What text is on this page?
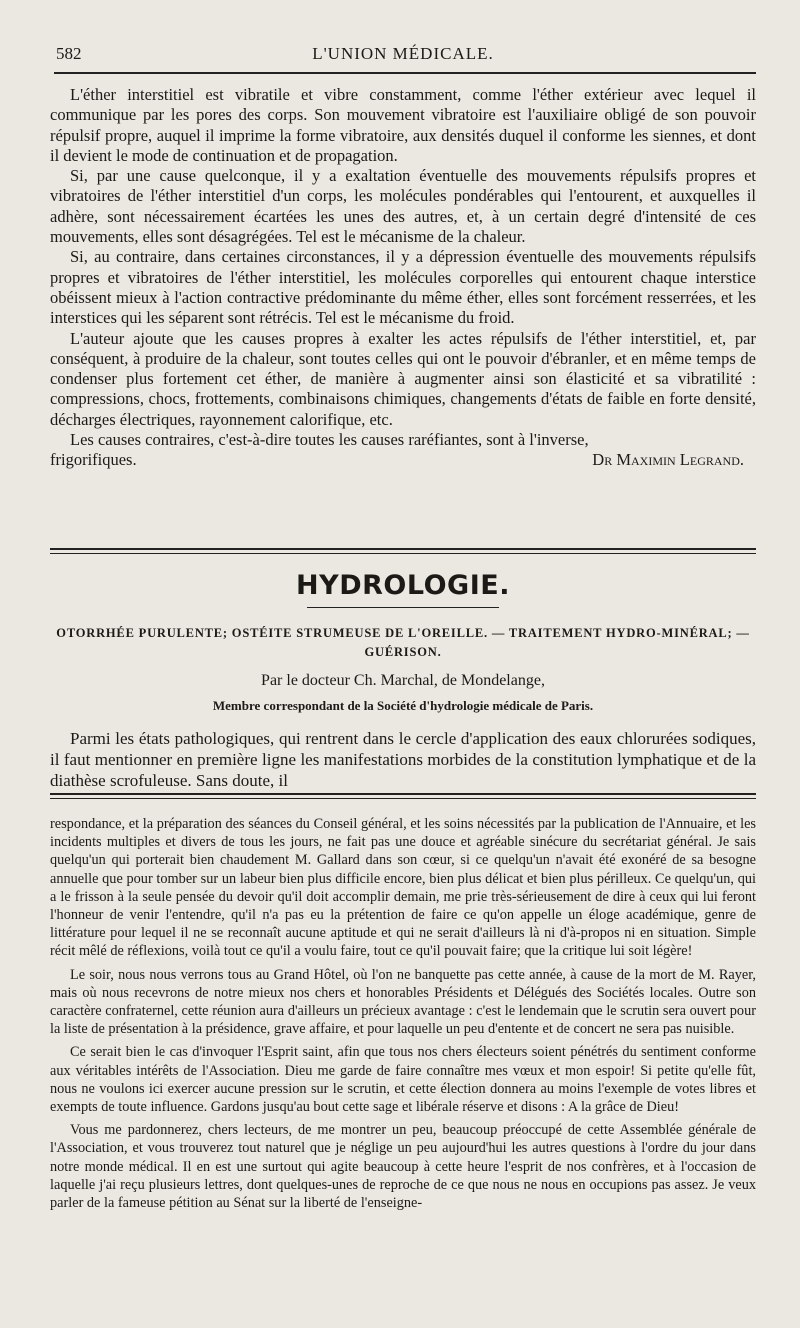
582	L'UNION MÉDICALE.

L'éther interstitiel est vibratile et vibre constamment, comme l'éther extérieur avec lequel il communique par les pores des corps. Son mouvement vibratoire est l'auxiliaire obligé de son pouvoir répulsif propre, auquel il imprime la forme vibratoire, aux densités duquel il conforme les siennes, et dont il devient le mode de continuation et de propagation.

Si, par une cause quelconque, il y a exaltation éventuelle des mouvements répulsifs propres et vibratoires de l'éther interstitiel d'un corps, les molécules pondérables qui l'entourent, et auxquelles il adhère, sont nécessairement écartées les unes des autres, et, à un certain degré d'intensité de ces mouvements, elles sont désagrégées. Tel est le mécanisme de la chaleur.

Si, au contraire, dans certaines circonstances, il y a dépression éventuelle des mouvements répulsifs propres et vibratoires de l'éther interstitiel, les molécules corporelles qui entourent chaque interstice obéissent mieux à l'action contractive prédominante du même éther, elles sont forcément resserrées, et les interstices qui les séparent sont rétrécis. Tel est le mécanisme du froid.

L'auteur ajoute que les causes propres à exalter les actes répulsifs de l'éther interstitiel, et, par conséquent, à produire de la chaleur, sont toutes celles qui ont le pouvoir d'ébranler, et en même temps de condenser plus fortement cet éther, de manière à augmenter ainsi son élasticité et sa vibratilité : compressions, chocs, frottements, combinaisons chimiques, changements d'états de faible en forte densité, décharges électriques, rayonnement calorifique, etc.

Les causes contraires, c'est-à-dire toutes les causes raréfiantes, sont à l'inverse,

frigorifiques.	Dr Maximin Legrand.
HYDROLOGIE.
OTORRHÉE PURULENTE; OSTÉITE STRUMEUSE DE L'OREILLE. — TRAITEMENT HYDRO-MINÉRAL; — GUÉRISON.
Par le docteur Ch. Marchal, de Mondelange,
Membre correspondant de la Société d'hydrologie médicale de Paris.

Parmi les états pathologiques, qui rentrent dans le cercle d'application des eaux chlorurées sodiques, il faut mentionner en première ligne les manifestations morbides de la constitution lymphatique et de la diathèse scrofuleuse. Sans doute, il

respondance, et la préparation des séances du Conseil général, et les soins nécessités par la publication de l'Annuaire, et les incidents multiples et divers de tous les jours, ne fait pas une douce et agréable sinécure du secrétariat général. Je sais quelqu'un qui porterait bien chaudement M. Gallard dans son cœur, si ce quelqu'un n'avait été exonéré de sa besogne annuelle que pour tomber sur un labeur bien plus difficile encore, bien plus délicat et bien plus périlleux. Ce quelqu'un, qui a le frisson à la seule pensée du devoir qu'il doit accomplir demain, me prie très-sérieusement de dire à ceux qui lui feront l'honneur de venir l'entendre, qu'il n'a pas eu la prétention de faire ce qu'on appelle un éloge académique, genre de littérature pour lequel il ne se reconnaît aucune aptitude et qui ne serait d'ailleurs là ni d'à-propos ni en situation. Simple récit mêlé de réflexions, voilà tout ce qu'il a voulu faire, tout ce qu'il pouvait faire; que la critique lui soit légère!

Le soir, nous nous verrons tous au Grand Hôtel, où l'on ne banquette pas cette année, à cause de la mort de M. Rayer, mais où nous recevrons de notre mieux nos chers et honorables Présidents et Délégués des Sociétés locales. Outre son caractère confraternel, cette réunion aura d'ailleurs un précieux avantage : c'est le lendemain que le scrutin sera ouvert pour la liste de présentation à la présidence, grave affaire, et pour laquelle un peu d'entente et de concert ne sera pas nuisible.

Ce serait bien le cas d'invoquer l'Esprit saint, afin que tous nos chers électeurs soient pénétrés du sentiment conforme aux véritables intérêts de l'Association. Dieu me garde de faire connaître mes vœux et mon espoir! Si petite qu'elle fût, nous ne voulons ici exercer aucune pression sur le scrutin, et cette élection donnera au moins l'exemple de votes libres et exempts de toute influence. Gardons jusqu'au bout cette sage et libérale réserve et disons : A la grâce de Dieu!

Vous me pardonnerez, chers lecteurs, de me montrer un peu, beaucoup préoccupé de cette Assemblée générale de l'Association, et vous trouverez tout naturel que je néglige un peu aujourd'hui les autres questions à l'ordre du jour dans notre monde médical. Il en est une surtout qui agite beaucoup à cette heure l'esprit de nos confrères, et à l'occasion de laquelle j'ai reçu plusieurs lettres, dont quelques-unes de reproche de ce que nous ne nous en occupions pas assez. Je veux parler de la fameuse pétition au Sénat sur la liberté de l'enseigne-
